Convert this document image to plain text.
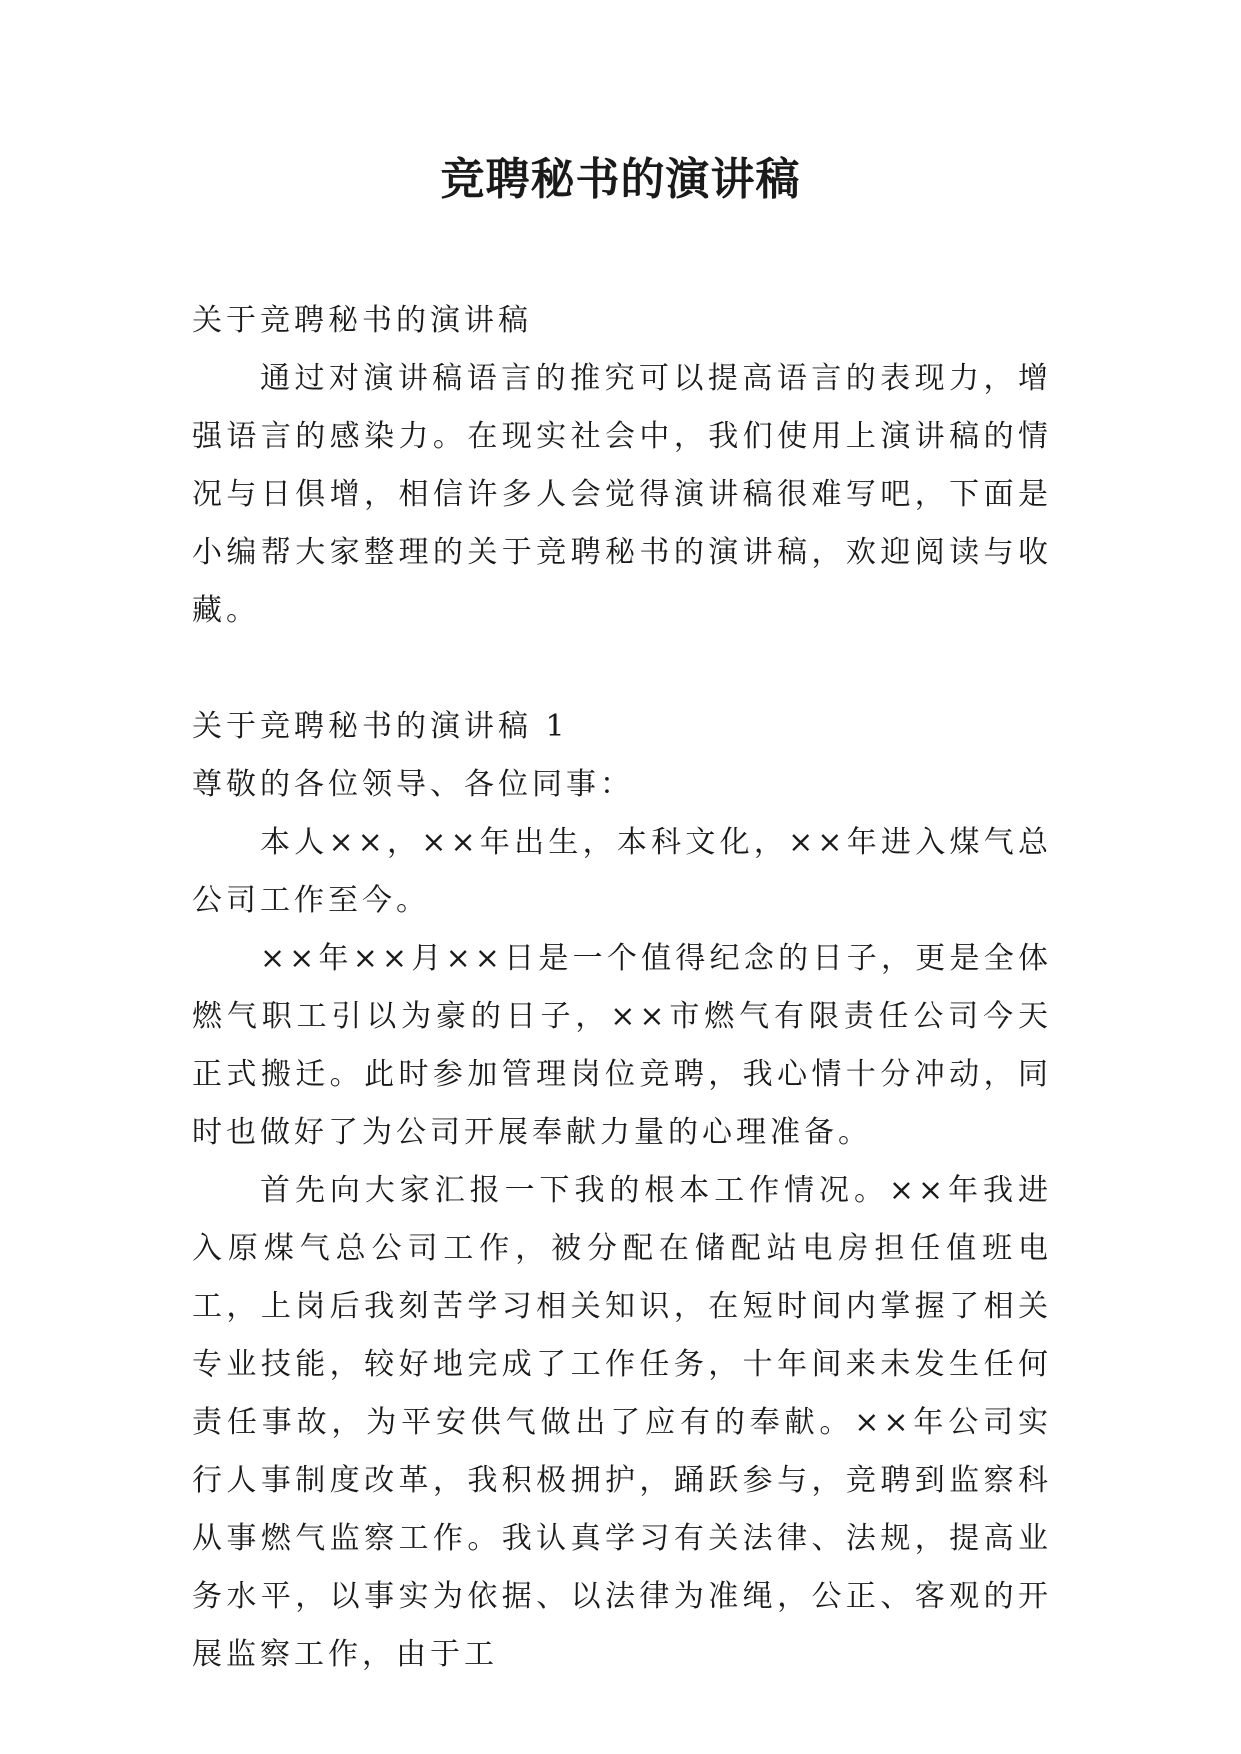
竞聘秘书的演讲稿

关于竞聘秘书的演讲稿

通过对演讲稿语言的推究可以提高语言的表现力，增强语言的感染力。在现实社会中，我们使用上演讲稿的情况与日俱增，相信许多人会觉得演讲稿很难写吧，下面是小编帮大家整理的关于竞聘秘书的演讲稿，欢迎阅读与收藏。

关于竞聘秘书的演讲稿 1

尊敬的各位领导、各位同事：

本人××，××年出生，本科文化，××年进入煤气总公司工作至今。

××年××月××日是一个值得纪念的日子，更是全体燃气职工引以为豪的日子，××市燃气有限责任公司今天正式搬迁。此时参加管理岗位竞聘，我心情十分冲动，同时也做好了为公司开展奉献力量的心理准备。

首先向大家汇报一下我的根本工作情况。××年我进入原煤气总公司工作，被分配在储配站电房担任值班电工，上岗后我刻苦学习相关知识，在短时间内掌握了相关专业技能，较好地完成了工作任务，十年间来未发生任何责任事故，为平安供气做出了应有的奉献。××年公司实行人事制度改革，我积极拥护，踊跃参与，竞聘到监察科从事燃气监察工作。我认真学习有关法律、法规，提高业务水平，以事实为依据、以法律为准绳，公正、客观的开展监察工作，由于工
